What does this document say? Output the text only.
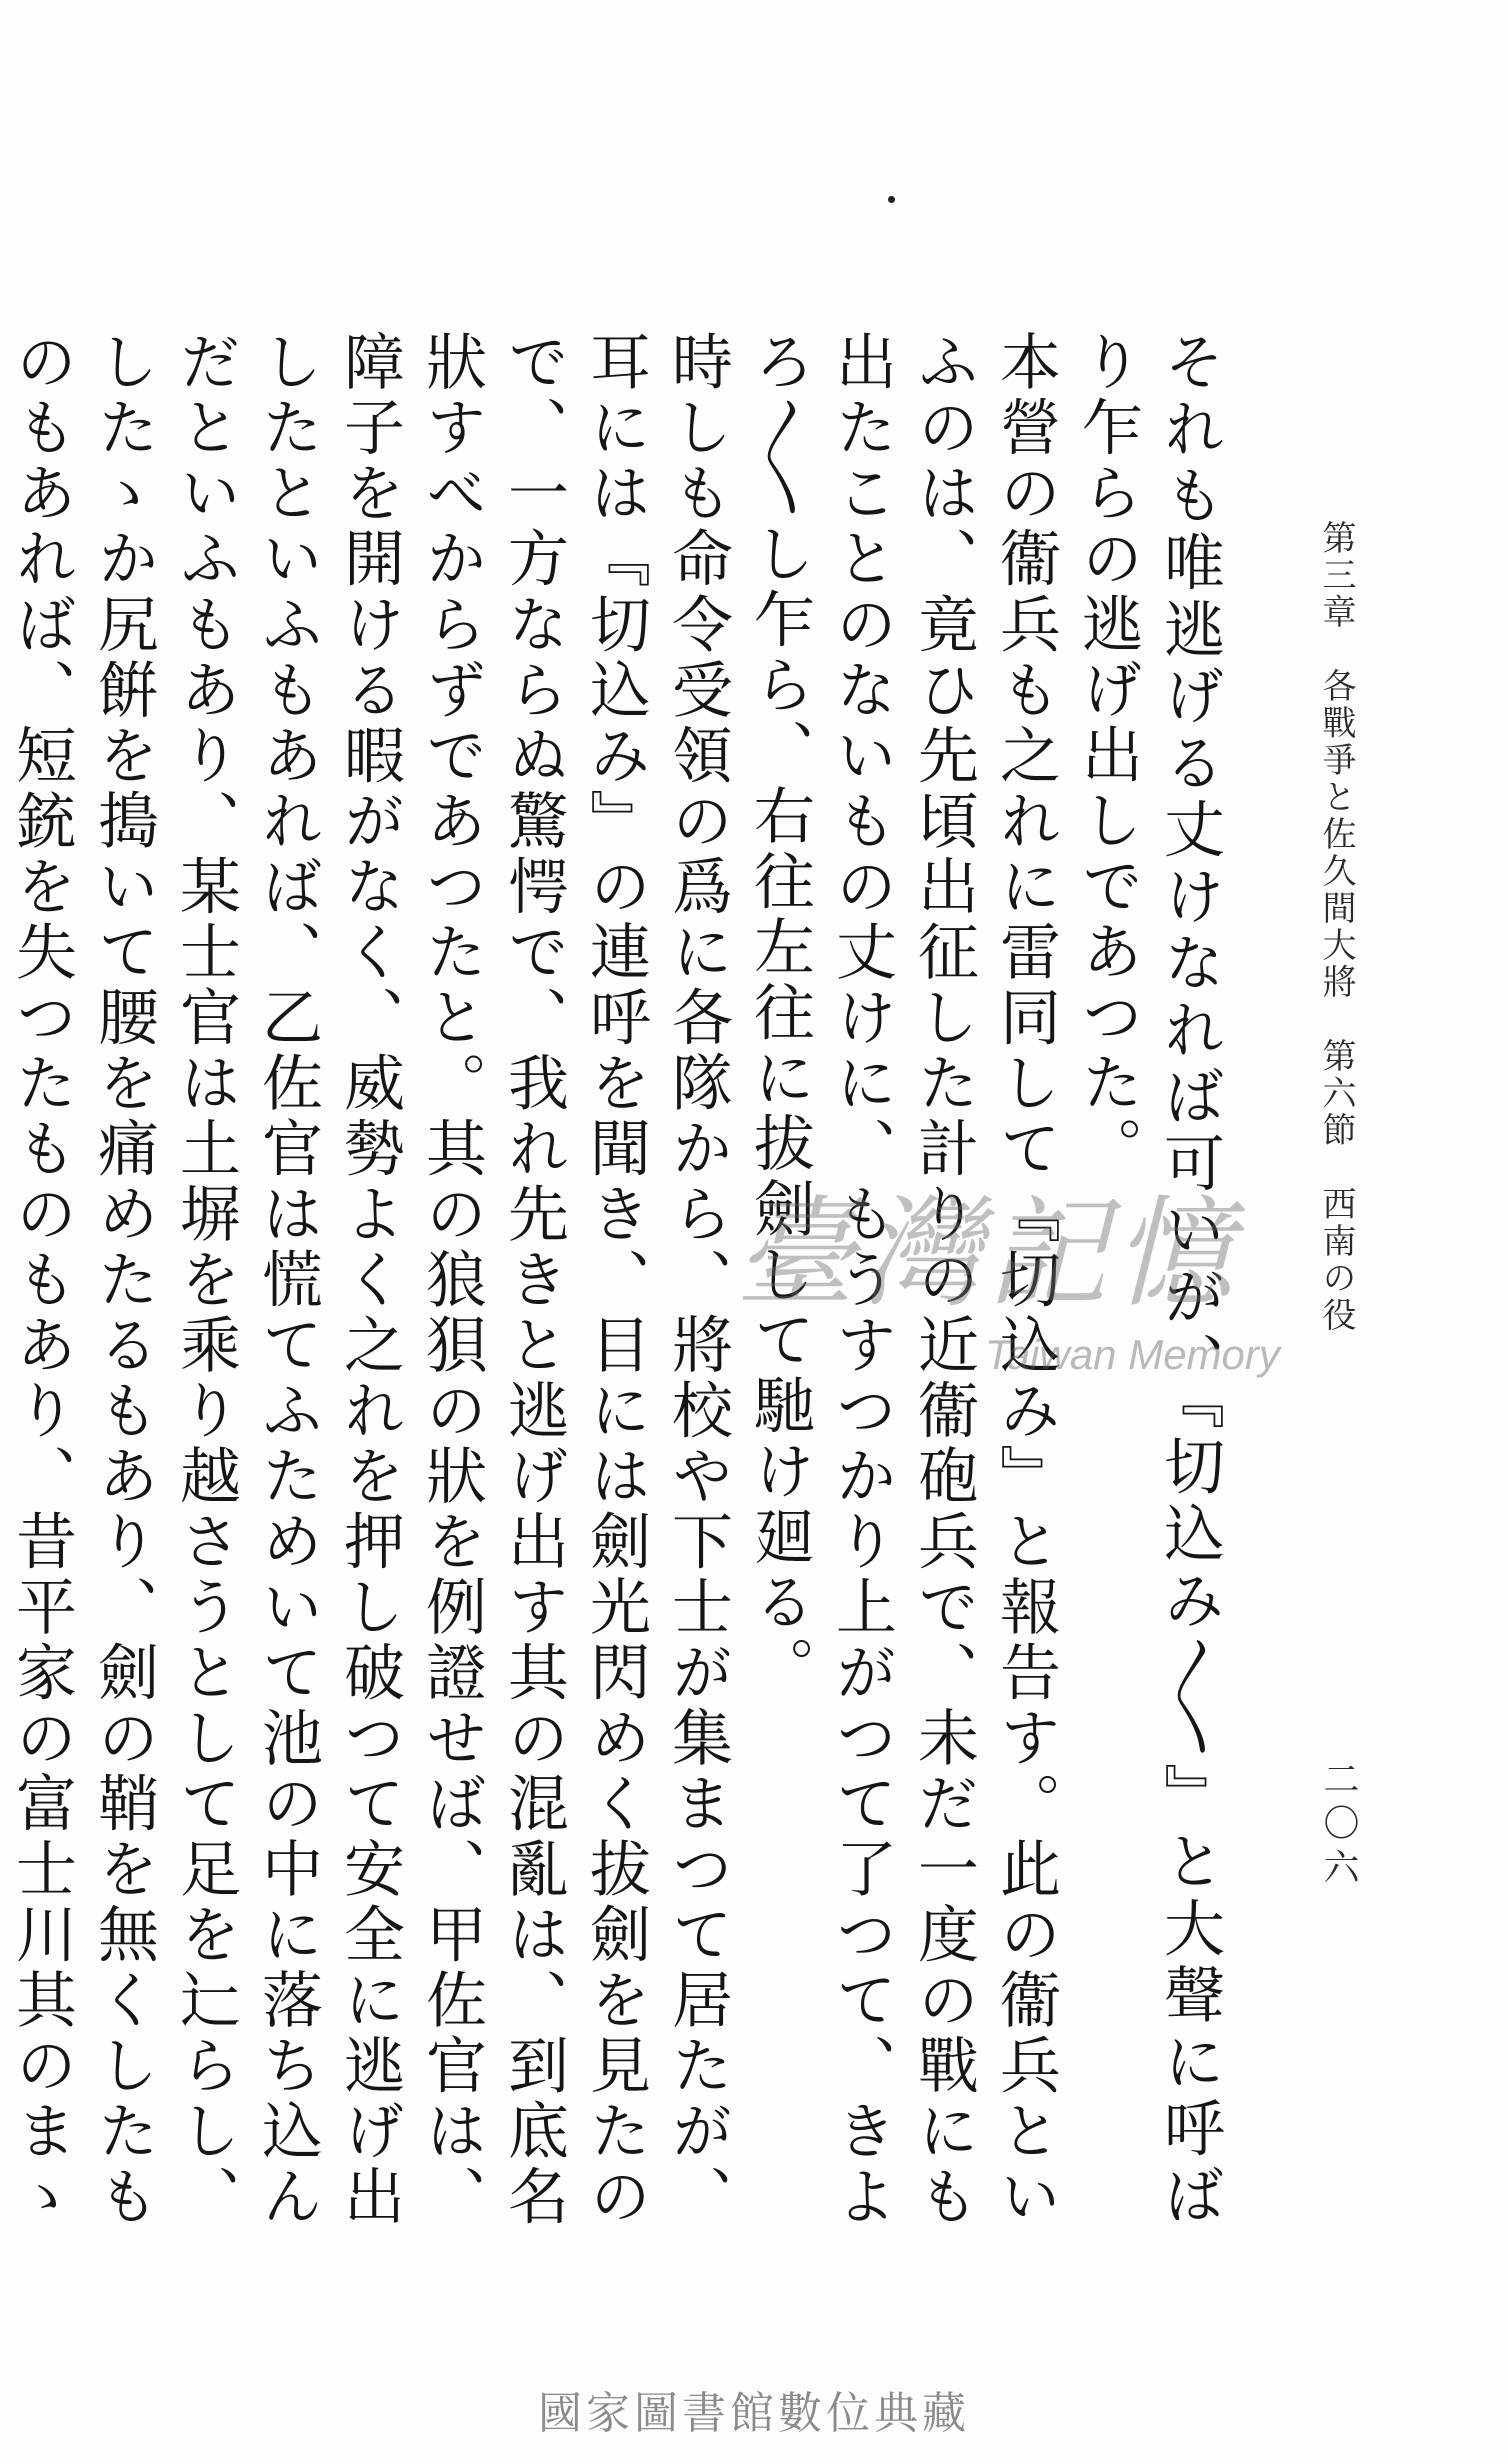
第三章　各戰爭と佐久間大將　第六節　西南の役
二〇六

それも唯逃げる丈けなれば可いが、『切込み〳〵』と大聲に呼ばり乍らの逃げ出しであつた。

本營の衞兵も之れに雷同して『切込み』と報告す。此の衞兵といふのは、竟ひ先頃出征した計りの近衞砲兵で、未だ一度の戰にも出たことのないもの丈けに、もうすつかり上がつて了つて、きよろ〳〵し乍ら、右往左往に拔劍して馳け廻る。

時しも命令受領の爲に各隊から、將校や下士が集まつて居たが、耳には『切込み』の連呼を聞き、目には劍光閃めく拔劍を見たので、一方ならぬ驚愕で、我れ先きと逃げ出す其の混亂は、到底名狀すべからずであつたと。其の狼狽の狀を例證せば、甲佐官は、障子を開ける暇がなく、威勢よく之れを押し破つて安全に逃げ出したといふもあれば、乙佐官は慌てふためいて池の中に落ち込んだといふもあり、某士官は土塀を乘り越さうとして足を辷らし、したゝか尻餠を搗いて腰を痛めたるもあり、劍の鞘を無くしたものもあれば、短銃を失つたものもあり、昔平家の富士川其のまゝ

臺灣記憶
Taiwan Memory
國家圖書館數位典藏
